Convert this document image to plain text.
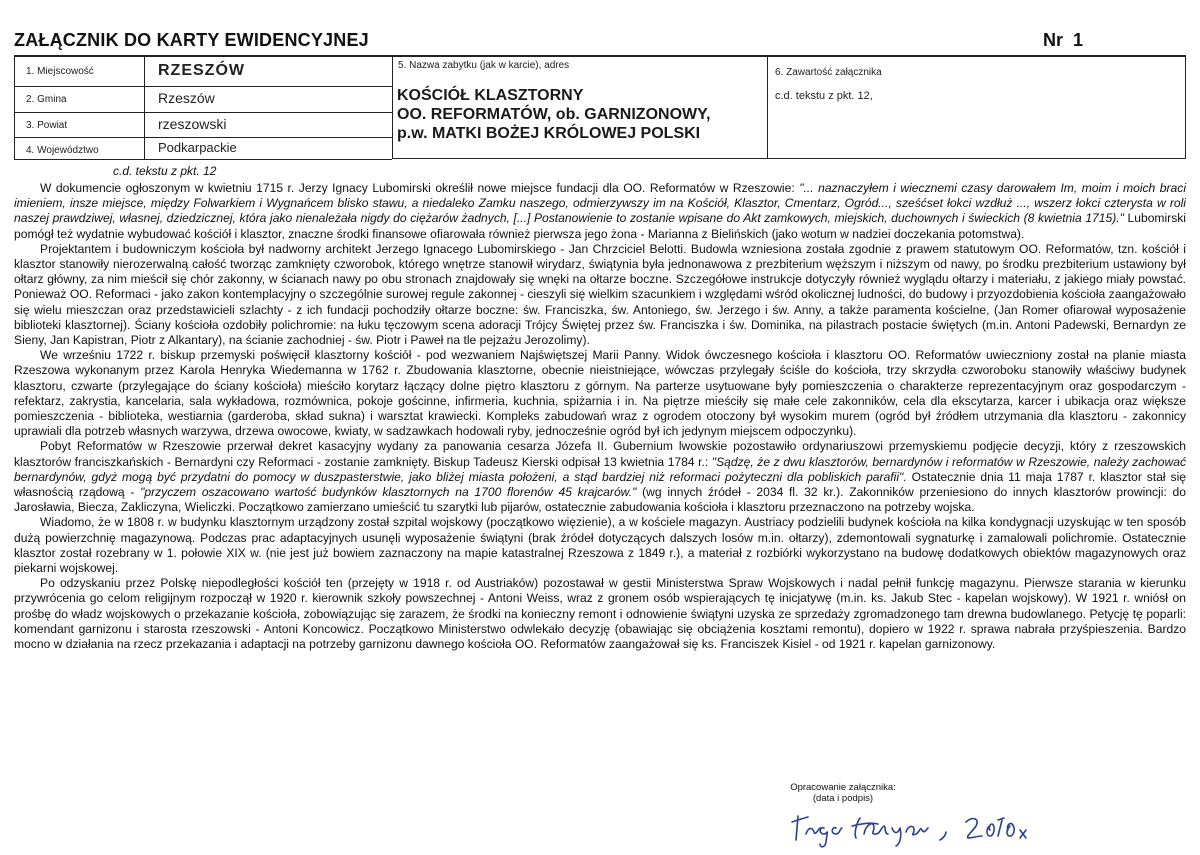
ZAŁĄCZNIK DO KARTY EWIDENCYJNEJ	Nr 1
1. Miejscowość	RZESZÓW
2. Gmina	Rzeszów
3. Powiat	rzeszowski
4. Województwo	Podkarpackie
5. Nazwa zabytku (jak w karcie), adres
KOŚCIÓŁ KLASZTORNY
OO. REFORMATÓW, ob. GARNIZONOWY,
p.w. MATKI BOŻEJ KRÓLOWEJ POLSKI
6. Zawartość załącznika
c.d. tekstu z pkt. 12,
c.d. tekstu z pkt. 12

W dokumencie ogłoszonym w kwietniu 1715 r. Jerzy Ignacy Lubomirski określił nowe miejsce fundacji dla OO. Reformatów w Rzeszowie: "... naznaczyłem i wiecznemi czasy darowałem Im, moim i moich braci imieniem, insze miejsce, między Folwarkiem i Wygnańcem blisko stawu, a niedaleko Zamku naszego, odmierzywszy im na Kościół, Klasztor, Cmentarz, Ogród..., sześćset łokci wzdłuż ..., wszerz łokci czterysta w roli naszej prawdziwej, własnej, dziedzicznej, która jako nienależała nigdy do ciężarów żadnych, [...] Postanowienie to zostanie wpisane do Akt zamkowych, miejskich, duchownych i świeckich (8 kwietnia 1715)." Lubomirski pomógł też wydatnie wybudować kościół i klasztor, znaczne środki finansowe ofiarowała również pierwsza jego żona - Marianna z Bielińskich (jako wotum w nadziei doczekania potomstwa).

Projektantem i budowniczym kościoła był nadworny architekt Jerzego Ignacego Lubomirskiego - Jan Chrzciciel Belotti. Budowla wzniesiona została zgodnie z prawem statutowym OO. Reformatów, tzn. kościół i klasztor stanowiły nierozerwalną całość tworząc zamknięty czworobok, którego wnętrze stanowił wirydarz, świątynia była jednonawowa z prezbiterium węższym i niższym od nawy, po środku prezbiterium ustawiony był ołtarz główny, za nim mieścił się chór zakonny, w ścianach nawy po obu stronach znajdowały się wnęki na ołtarze boczne. Szczegółowe instrukcje dotyczyły również wyglądu ołtarzy i materiału, z jakiego miały powstać. Ponieważ OO. Reformaci - jako zakon kontemplacyjny o szczególnie surowej regule zakonnej - cieszyli się wielkim szacunkiem i względami wśród okolicznej ludności, do budowy i przyozdobienia kościoła zaangażowało się wielu mieszczan oraz przedstawicieli szlachty - z ich fundacji pochodziły ołtarze boczne: św. Franciszka, św. Antoniego, św. Jerzego i św. Anny, a także paramenta kościelne, (Jan Romer ofiarował wyposażenie biblioteki klasztornej). Ściany kościoła ozdobiły polichromie: na łuku tęczowym scena adoracji Trójcy Świętej przez św. Franciszka i św. Dominika, na pilastrach postacie świętych (m.in. Antoni Padewski, Bernardyn ze Sieny, Jan Kapistran, Piotr z Alkantary), na ścianie zachodniej - św. Piotr i Paweł na tle pejzażu Jerozolimy).

We wrześniu 1722 r. biskup przemyski poświęcił klasztorny kościół - pod wezwaniem Najświętszej Marii Panny. Widok ówczesnego kościoła i klasztoru OO. Reformatów uwieczniony został na planie miasta Rzeszowa wykonanym przez Karola Henryka Wiedemanna w 1762 r. Zbudowania klasztorne, obecnie nieistniejące, wówczas przylegały ściśle do kościoła, trzy skrzydła czworoboku stanowiły właściwy budynek klasztoru, czwarte (przylegające do ściany kościoła) mieściło korytarz łączący dolne piętro klasztoru z górnym. Na parterze usytuowane były pomieszczenia o charakterze reprezentacyjnym oraz gospodarczym - refektarz, zakrystia, kancelaria, sala wykładowa, rozmównica, pokoje gościnne, infirmeria, kuchnia, spiżarnia i in. Na piętrze mieściły się małe cele zakonników, cela dla ekscytarza, karcer i ubikacja oraz większe pomieszczenia - biblioteka, westiarnia (garderoba, skład sukna) i warsztat krawiecki. Kompleks zabudowań wraz z ogrodem otoczony był wysokim murem (ogród był źródłem utrzymania dla klasztoru - zakonnicy uprawiali dla potrzeb własnych warzywa, drzewa owocowe, kwiaty, w sadzawkach hodowali ryby, jednocześnie ogród był ich jedynym miejscem odpoczynku).

Pobyt Reformatów w Rzeszowie przerwał dekret kasacyjny wydany za panowania cesarza Józefa II. Gubernium lwowskie pozostawiło ordynariuszowi przemyskiemu podjęcie decyzji, który z rzeszowskich klasztorów franciszkańskich - Bernardyni czy Reformaci - zostanie zamknięty. Biskup Tadeusz Kierski odpisał 13 kwietnia 1784 r.: "Sądzę, że z dwu klasztorów, bernardynów i reformatów w Rzeszowie, należy zachować bernardynów, gdyż mogą być przydatni do pomocy w duszpasterstwie, jako bliżej miasta położeni, a stąd bardziej niż reformaci pożyteczni dla pobliskich parafii". Ostatecznie dnia 11 maja 1787 r. klasztor stał się własnością rządową - "przyczem oszacowano wartość budynków klasztornych na 1700 florenów 45 krajcarów." (wg innych źródeł - 2034 fl. 32 kr.). Zakonników przeniesiono do innych klasztorów prowincji: do Jarosławia, Biecza, Zakliczyna, Wieliczki. Początkowo zamierzano umieścić tu szarytki lub pijarów, ostatecznie zabudowania kościoła i klasztoru przeznaczono na potrzeby wojska.

Wiadomo, że w 1808 r. w budynku klasztornym urządzony został szpital wojskowy (początkowo więzienie), a w kościele magazyn. Austriacy podzielili budynek kościoła na kilka kondygnacji uzyskując w ten sposób dużą powierzchnię magazynową. Podczas prac adaptacyjnych usunęli wyposażenie świątyni (brak źródeł dotyczących dalszych losów m.in. ołtarzy), zdemontowali sygnaturkę i zamalowali polichromie. Ostatecznie klasztor został rozebrany w 1. połowie XIX w. (nie jest już bowiem zaznaczony na mapie katastralnej Rzeszowa z 1849 r.), a materiał z rozbiórki wykorzystano na budowę dodatkowych obiektów magazynowych oraz piekarni wojskowej.

Po odzyskaniu przez Polskę niepodległości kościół ten (przejęty w 1918 r. od Austriaków) pozostawał w gestii Ministerstwa Spraw Wojskowych i nadal pełnił funkcję magazynu. Pierwsze starania w kierunku przywrócenia go celom religijnym rozpoczął w 1920 r. kierownik szkoły powszechnej - Antoni Weiss, wraz z gronem osób wspierających tę inicjatywę (m.in. ks. Jakub Stec - kapelan wojskowy). W 1921 r. wniósł on prośbę do władz wojskowych o przekazanie kościoła, zobowiązując się zarazem, że środki na konieczny remont i odnowienie świątyni uzyska ze sprzedaży zgromadzonego tam drewna budowlanego. Petycję tę poparli: komendant garnizonu i starosta rzeszowski - Antoni Koncowicz. Początkowo Ministerstwo odwlekało decyzję (obawiając się obciążenia kosztami remontu), dopiero w 1922 r. sprawa nabrała przyśpieszenia. Bardzo mocno w działania na rzecz przekazania i adaptacji na potrzeby garnizonu dawnego kościoła OO. Reformatów zaangażował się ks. Franciszek Kisiel - od 1921 r. kapelan garnizonowy.

Opracowanie załącznika:
(data i podpis)
